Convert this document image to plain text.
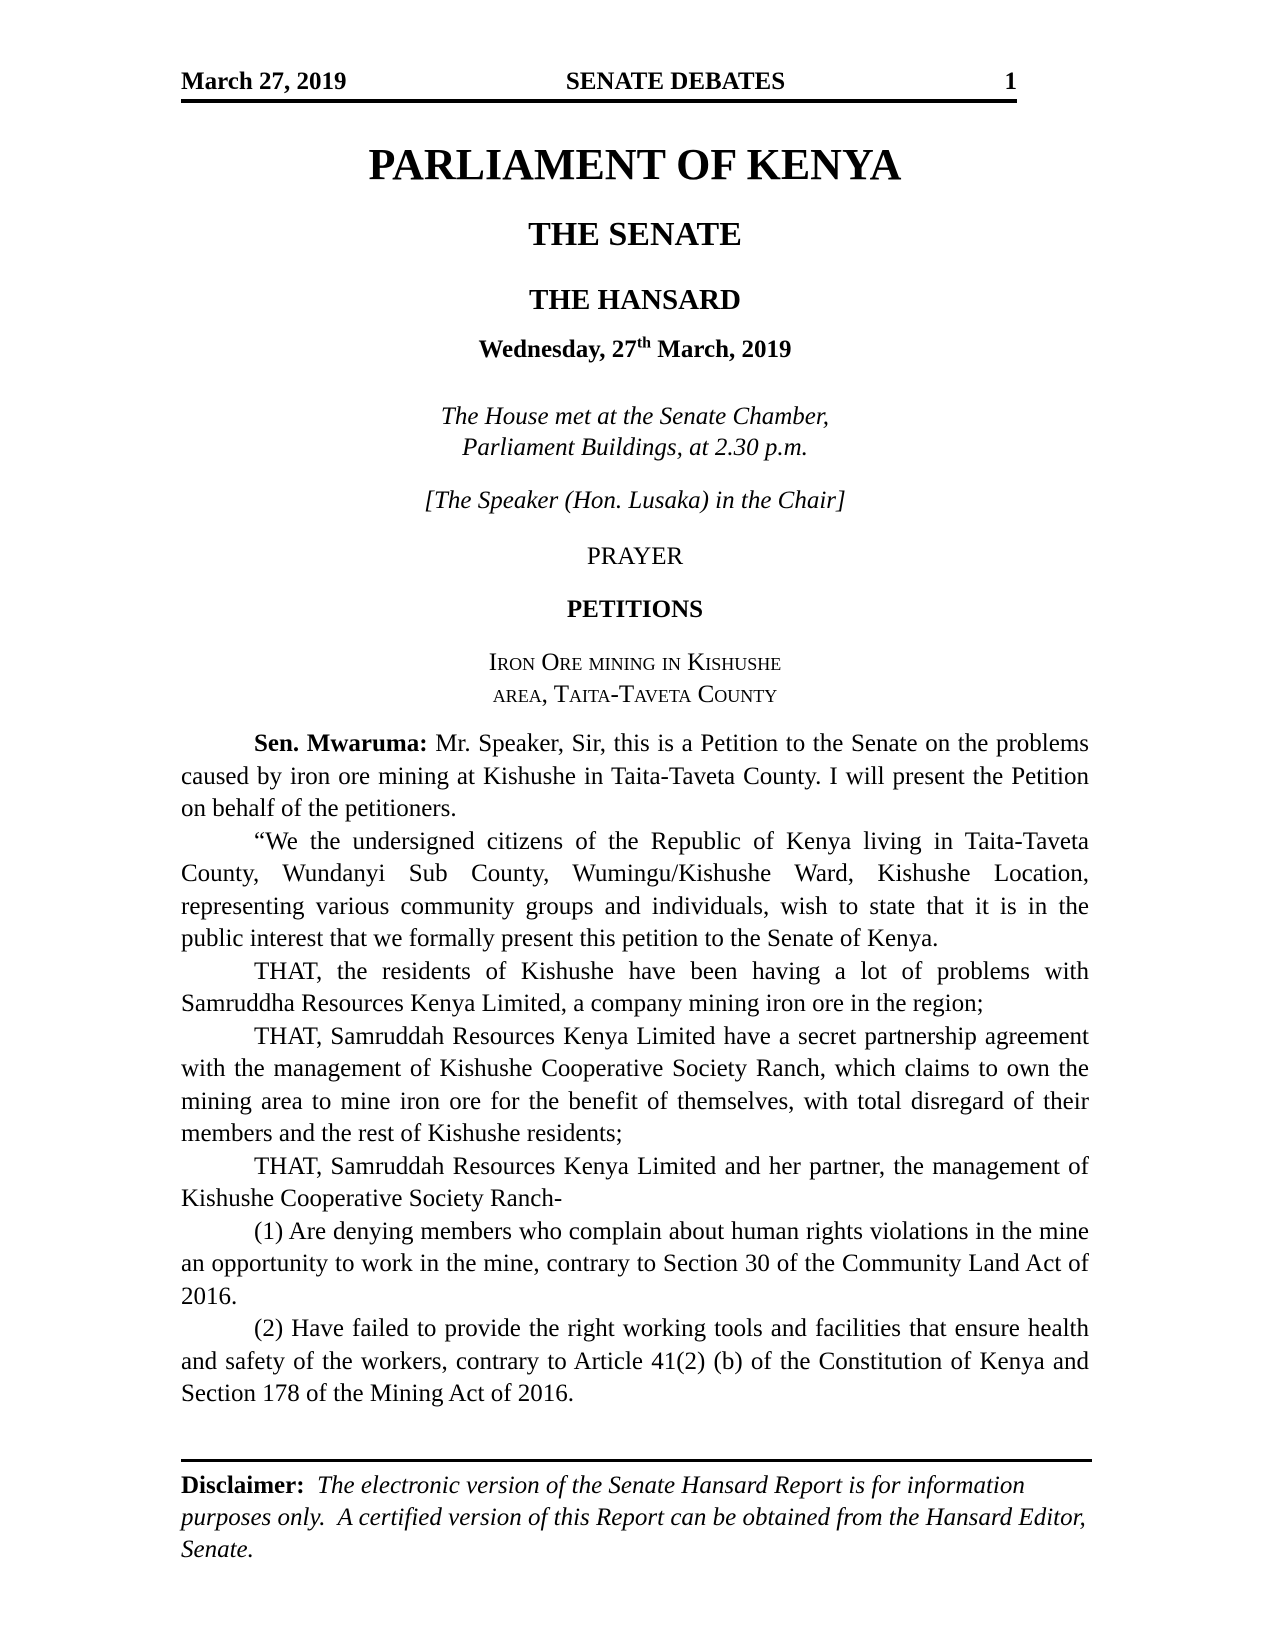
March 27, 2019	SENATE DEBATES	1
PARLIAMENT OF KENYA
THE SENATE
THE HANSARD

Wednesday, 27th March, 2019

The House met at the Senate Chamber,
Parliament Buildings, at 2.30 p.m.

[The Speaker (Hon. Lusaka) in the Chair]

PRAYER

PETITIONS

Iron Ore mining in Kishushe
area, Taita-Taveta County

Sen. Mwaruma: Mr. Speaker, Sir, this is a Petition to the Senate on the problems caused by iron ore mining at Kishushe in Taita-Taveta County. I will present the Petition on behalf of the petitioners.

“We the undersigned citizens of the Republic of Kenya living in Taita-Taveta County, Wundanyi Sub County, Wumingu/Kishushe Ward, Kishushe Location, representing various community groups and individuals, wish to state that it is in the public interest that we formally present this petition to the Senate of Kenya.

THAT, the residents of Kishushe have been having a lot of problems with Samruddha Resources Kenya Limited, a company mining iron ore in the region;

THAT, Samruddah Resources Kenya Limited have a secret partnership agreement with the management of Kishushe Cooperative Society Ranch, which claims to own the mining area to mine iron ore for the benefit of themselves, with total disregard of their members and the rest of Kishushe residents;

THAT, Samruddah Resources Kenya Limited and her partner, the management of Kishushe Cooperative Society Ranch-

(1) Are denying members who complain about human rights violations in the mine an opportunity to work in the mine, contrary to Section 30 of the Community Land Act of 2016.

(2) Have failed to provide the right working tools and facilities that ensure health and safety of the workers, contrary to Article 41(2) (b) of the Constitution of Kenya and Section 178 of the Mining Act of 2016.

Disclaimer:  The electronic version of the Senate Hansard Report is for information purposes only.  A certified version of this Report can be obtained from the Hansard Editor, Senate.
